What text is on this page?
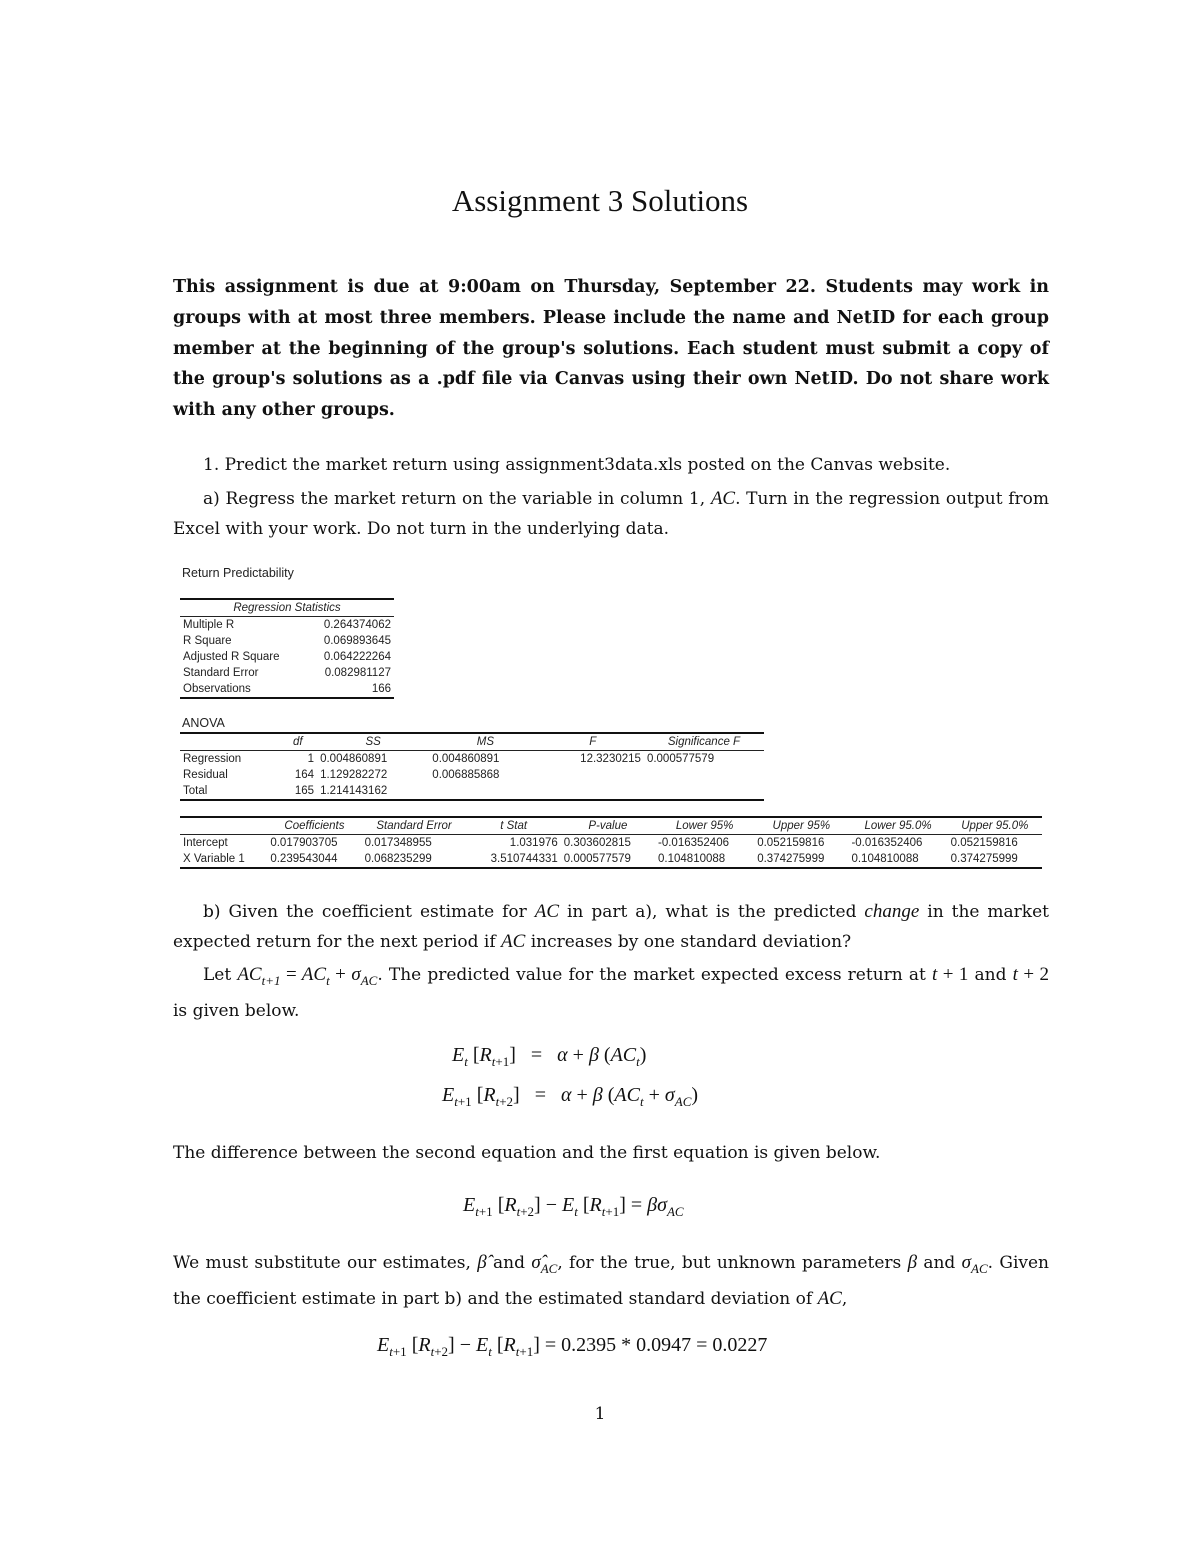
Assignment 3 Solutions
This assignment is due at 9:00am on Thursday, September 22. Students may work in groups with at most three members. Please include the name and NetID for each group member at the beginning of the group's solutions. Each student must submit a copy of the group's solutions as a .pdf file via Canvas using their own NetID. Do not share work with any other groups.
1. Predict the market return using assignment3data.xls posted on the Canvas website.
a) Regress the market return on the variable in column 1, AC. Turn in the regression output from Excel with your work. Do not turn in the underlying data.
Return Predictability
Regression Statistics	
Multiple R	0.264374062
R Square	0.069893645
Adjusted R Square	0.064222264
Standard Error	0.082981127
Observations	166
ANOVA
	df	SS	MS	F	Significance F
Regression	1	0.004860891	0.004860891	12.3230215	0.000577579
Residual	164	1.129282272	0.006885868		
Total	165	1.214143162			
	Coefficients	Standard Error	t Stat	P-value	Lower 95%	Upper 95%	Lower 95.0%	Upper 95.0%
Intercept	0.017903705	0.017348955	1.031976	0.303602815	-0.016352406	0.052159816	-0.016352406	0.052159816
X Variable 1	0.239543044	0.068235299	3.510744331	0.000577579	0.104810088	0.374275999	0.104810088	0.374275999
b) Given the coefficient estimate for AC in part a), what is the predicted change in the market expected return for the next period if AC increases by one standard deviation?
Let $AC_{t+1} = AC_t + \sigma_{AC}$. The predicted value for the market expected excess return at t + 1 and t + 2 is given below.
$E_t$ $[R_{t+1}] = \alpha + \beta$ $(AC_t)$
$E_{t+1}$ $[R_{t+2}] = \alpha + \beta$ $(AC_t + \sigma_{AC})$
The difference between the second equation and the first equation is given below.
$E_{t+1}$ $[R_{t+2}] - E_t$ $[R_{t+1}] = \beta\sigma_{AC}$
We must substitute our estimates, β̂ and $\sigmâ_{AC}$, for the true, but unknown parameters β and $\sigma_{AC}$. Given the coefficient estimate in part b) and the estimated standard deviation of AC,
$E_{t+1}$ $[R_{t+2}] - E_t$ $[R_{t+1}] = 0.2395 * 0.0947 = 0.0227$
1
